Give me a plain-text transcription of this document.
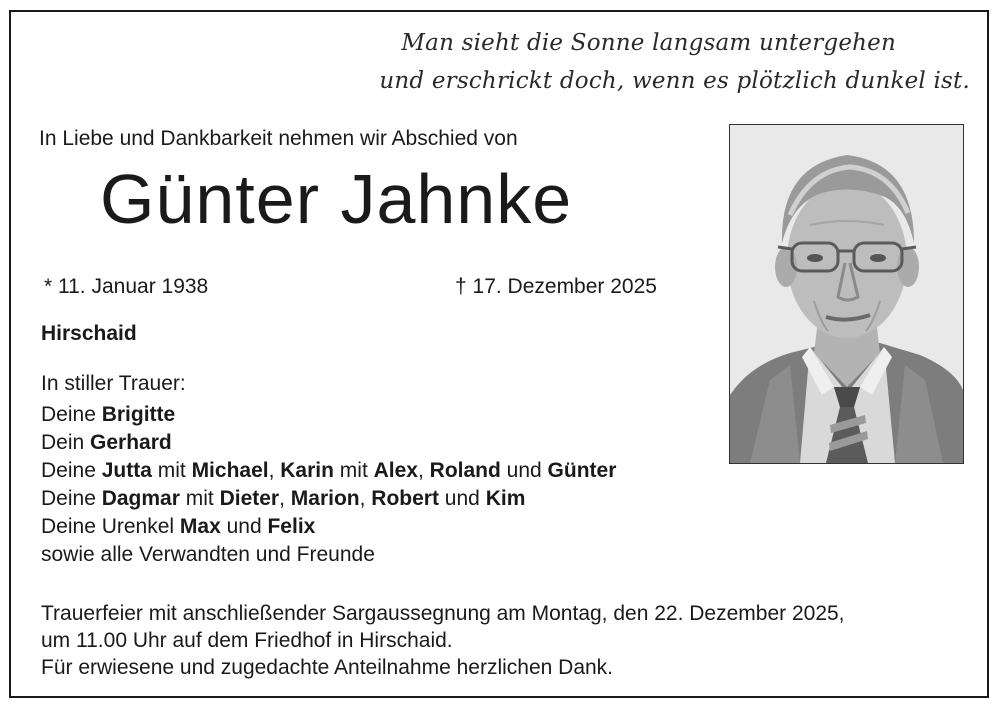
Man sieht die Sonne langsam untergehen
und erschrickt doch, wenn es plötzlich dunkel ist.
In Liebe und Dankbarkeit nehmen wir Abschied von
Günter Jahnke
* 11. Januar 1938	† 17. Dezember 2025
Hirschaid
In stiller Trauer:
Deine Brigitte
Dein Gerhard
Deine Jutta mit Michael, Karin mit Alex, Roland und Günter
Deine Dagmar mit Dieter, Marion, Robert und Kim
Deine Urenkel Max und Felix
sowie alle Verwandten und Freunde

Trauerfeier mit anschließender Sargaussegnung am Montag, den 22. Dezember 2025,

um 11.00 Uhr auf dem Friedhof in Hirschaid.

Für erwiesene und zugedachte Anteilnahme herzlichen Dank.
